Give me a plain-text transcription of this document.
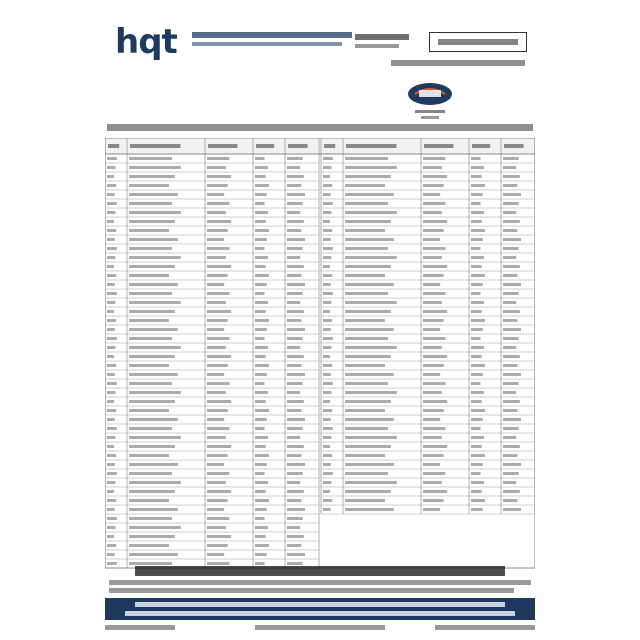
hqt
